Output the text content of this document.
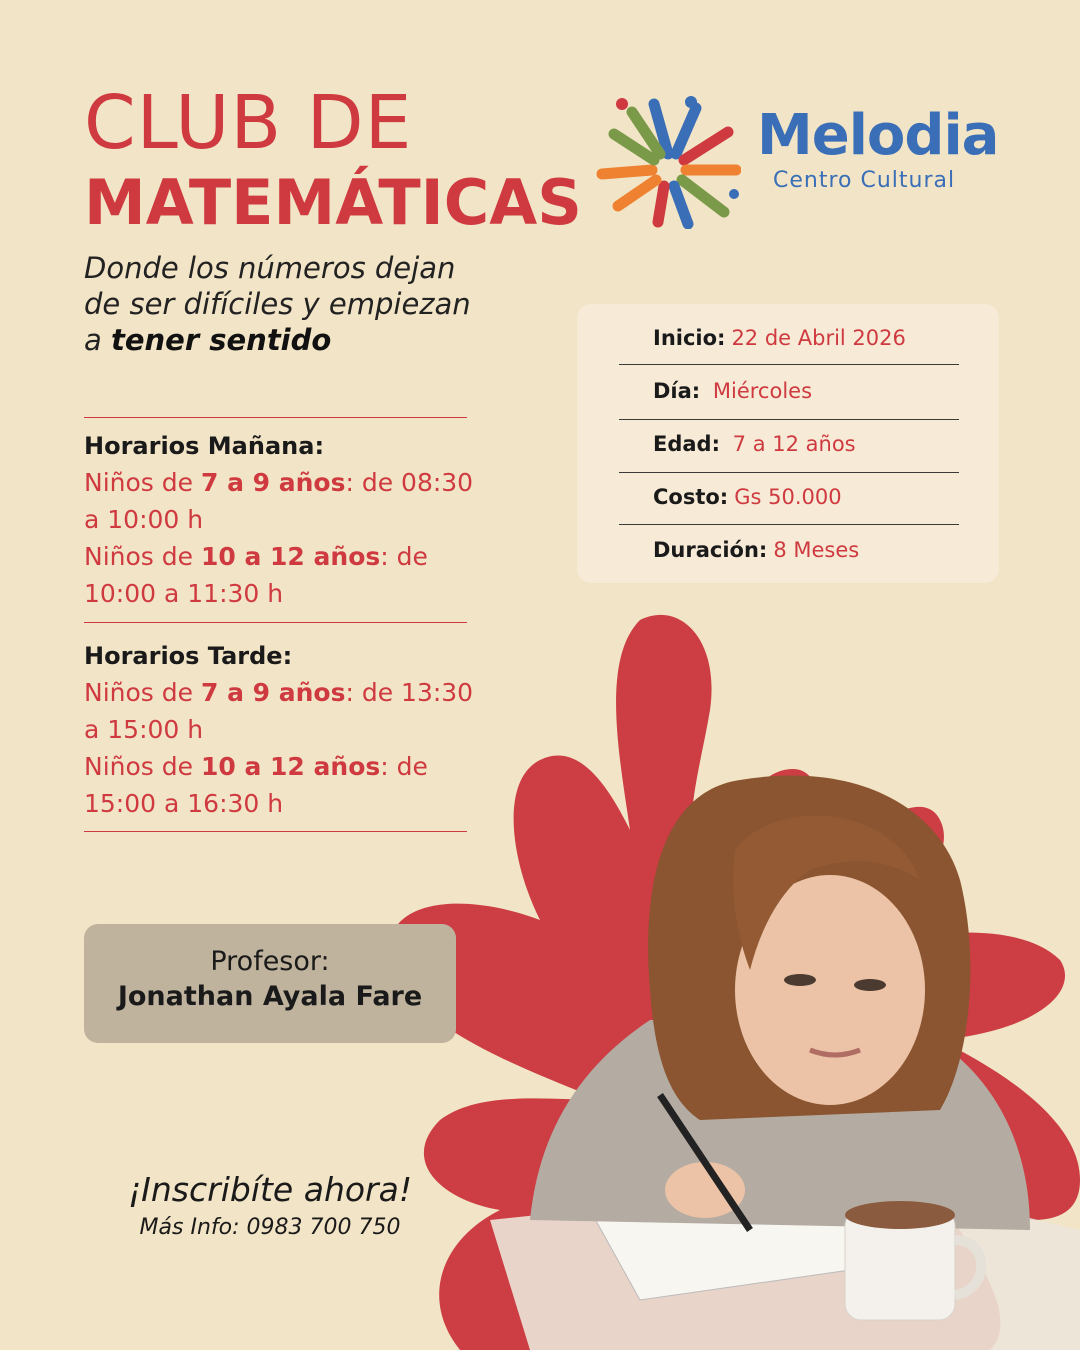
CLUB DE
MATEMÁTICAS
Donde los números dejan
de ser difíciles y empiezan
a tener sentido
Melodia
Centro Cultural
Horarios Mañana:
Niños de 7 a 9 años: de 08:30
a 10:00 h
Niños de 10 a 12 años: de
10:00 a 11:30 h
Horarios Tarde:
Niños de 7 a 9 años: de 13:30
a 15:00 h
Niños de 10 a 12 años: de
15:00 a 16:30 h
Inicio: 22 de Abril 2026
Día: Miércoles
Edad: 7 a 12 años
Costo: Gs 50.000
Duración: 8 Meses
Profesor:
Jonathan Ayala Fare
¡Inscribíte ahora!
Más Info: 0983 700 750
